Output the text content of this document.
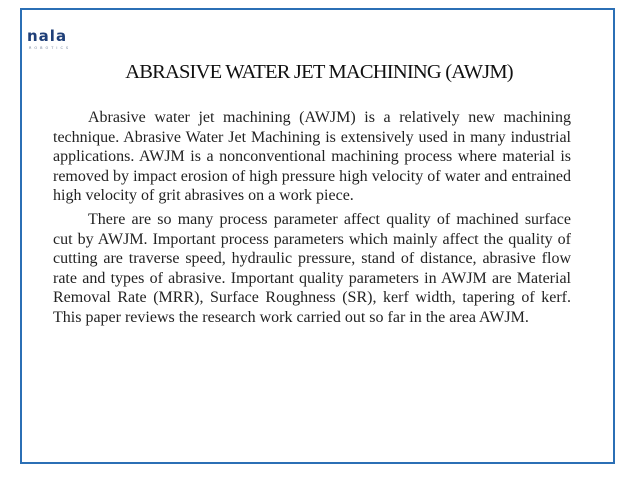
nala
ROBOTICS
ABRASIVE WATER JET MACHINING (AWJM)

Abrasive water jet machining (AWJM) is a relatively new machining technique. Abrasive Water Jet Machining is extensively used in many industrial applications. AWJM is a nonconventional machining process where material is removed by impact erosion of high pressure high velocity of water and entrained high velocity of grit abrasives on a work piece.

There are so many process parameter affect quality of machined surface cut by AWJM. Important process parameters which mainly affect the quality of cutting are traverse speed, hydraulic pressure, stand of distance, abrasive flow rate and types of abrasive. Important quality parameters in AWJM are Material Removal Rate (MRR), Surface Roughness (SR), kerf width, tapering of kerf. This paper reviews the research work carried out so far in the area AWJM.
